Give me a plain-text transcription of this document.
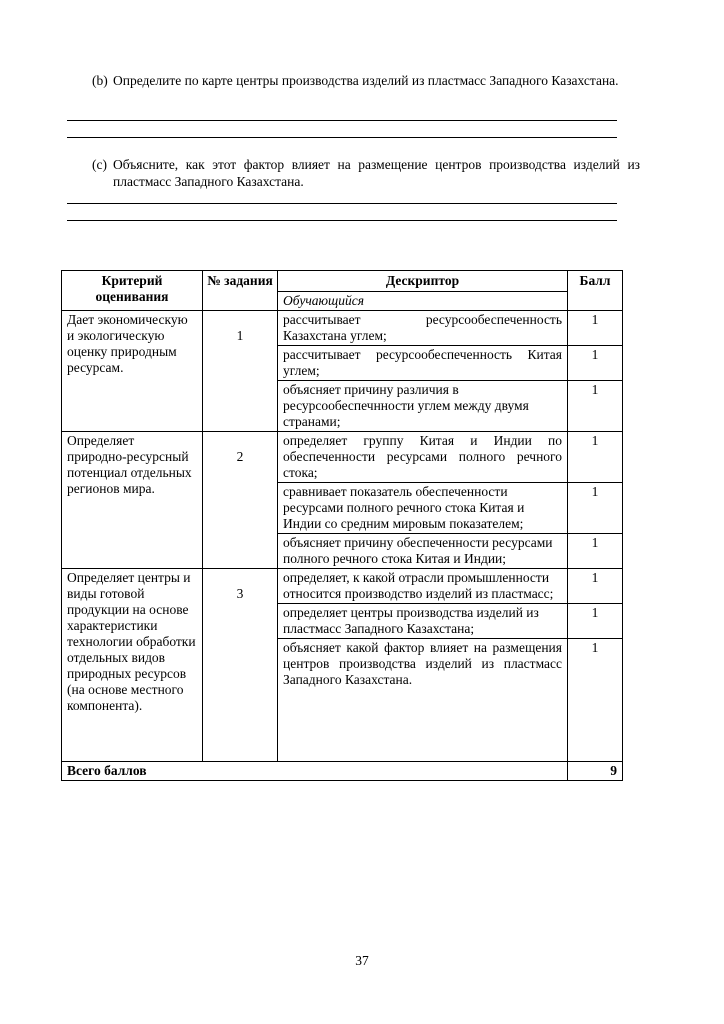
(b) Определите по карте центры производства изделий из пластмасс Западного Казахстана.
(c) Объясните, как этот фактор влияет на размещение центров производства изделий из пластмасс Западного Казахстана.
Критерий оценивания	№ задания	Дескриптор	Балл
		Обучающийся	
Дает экономическую и экологическую оценку природным ресурсам.	1	рассчитывает ресурсообеспеченность Казахстана углем;	1
		рассчитывает ресурсообеспеченность Китая углем;	1
		объясняет причину различия в ресурсообеспечнности углем между двумя странами;	1
Определяет природно-ресурсный потенциал отдельных регионов мира.	2	определяет группу Китая и Индии по обеспеченности ресурсами полного речного стока;	1
		сравнивает показатель обеспеченности ресурсами полного речного стока Китая и Индии со средним мировым показателем;	1
		объясняет причину обеспеченности ресурсами полного речного стока Китая и Индии;	1
Определяет центры и виды готовой продукции на основе характеристики технологии обработки отдельных видов природных ресурсов (на основе местного компонента).	3	определяет, к какой отрасли промышленности относится производство изделий из пластмасс;	1
		определяет центры производства изделий из пластмасс Западного Казахстана;	1
		объясняет какой фактор влияет на размещения центров производства изделий из пластмасс Западного Казахстана.	1
Всего баллов			9
37
